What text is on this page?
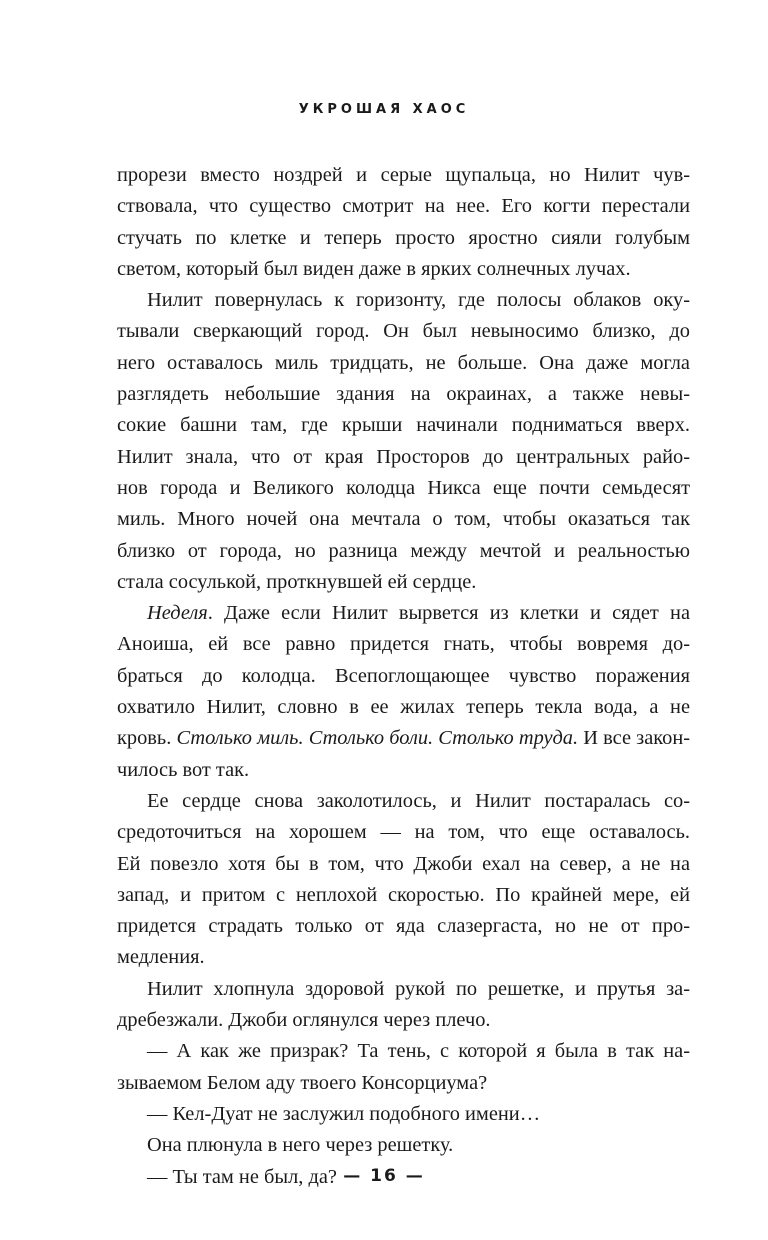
УКРОШАЯ ХАОС

прорези вместо ноздрей и серые щупальца, но Нилит чув-
ствовала, что существо смотрит на нее. Его когти перестали
стучать по клетке и теперь просто яростно сияли голубым
светом, который был виден даже в ярких солнечных лучах.

Нилит повернулась к горизонту, где полосы облаков оку-
тывали сверкающий город. Он был невыносимо близко, до
него оставалось миль тридцать, не больше. Она даже могла
разглядеть небольшие здания на окраинах, а также невы-
сокие башни там, где крыши начинали подниматься вверх.
Нилит знала, что от края Просторов до центральных райо-
нов города и Великого колодца Никса еще почти семьдесят
миль. Много ночей она мечтала о том, чтобы оказаться так
близко от города, но разница между мечтой и реальностью
стала сосулькой, проткнувшей ей сердце.

Неделя. Даже если Нилит вырвется из клетки и сядет на
Аноиша, ей все равно придется гнать, чтобы вовремя до-
браться до колодца. Всепоглощающее чувство поражения
охватило Нилит, словно в ее жилах теперь текла вода, а не
кровь. Столько миль. Столько боли. Столько труда. И все закон-
чилось вот так.

Ее сердце снова заколотилось, и Нилит постаралась со-
средоточиться на хорошем — на том, что еще оставалось.
Ей повезло хотя бы в том, что Джоби ехал на север, а не на
запад, и притом с неплохой скоростью. По крайней мере, ей
придется страдать только от яда слазергаста, но не от про-
медления.

Нилит хлопнула здоровой рукой по решетке, и прутья за-
дребезжали. Джоби оглянулся через плечо.

— А как же призрак? Та тень, с которой я была в так на-
зываемом Белом аду твоего Консорциума?

— Кел-Дуат не заслужил подобного имени…

Она плюнула в него через решетку.

— Ты там не был, да? — 16 —
